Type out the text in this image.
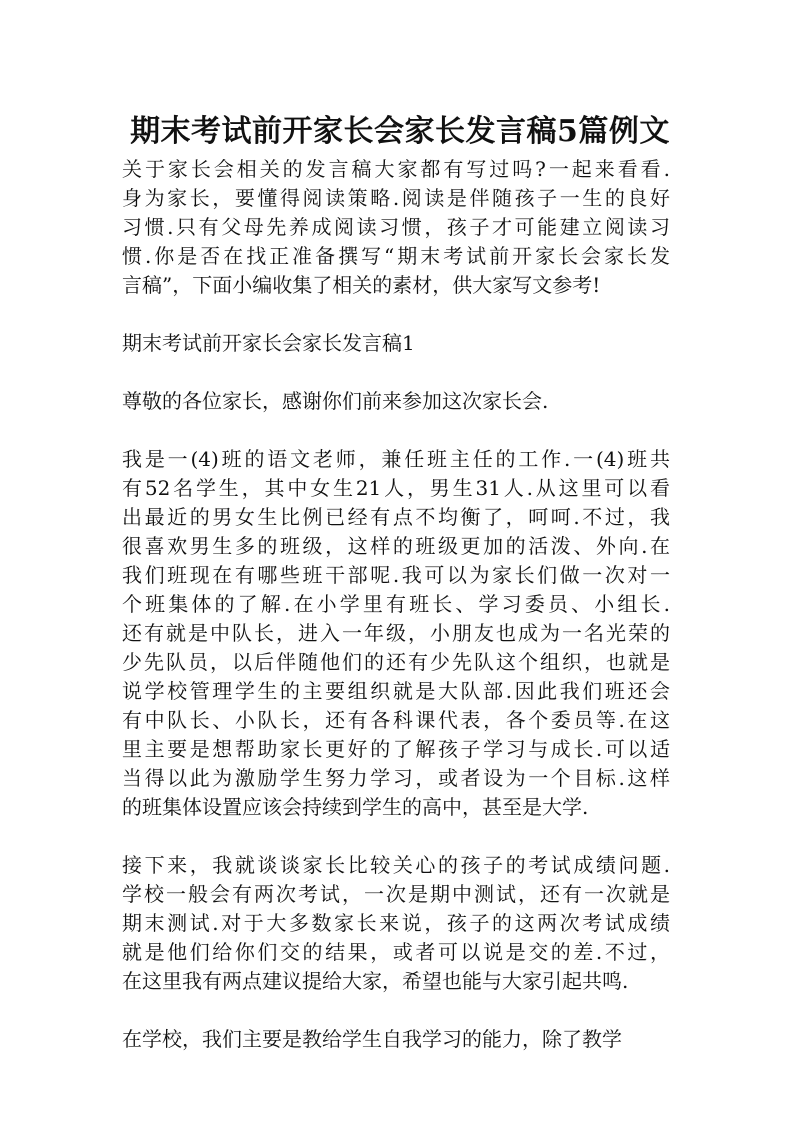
期末考试前开家长会家长发言稿5篇例文
关于家长会相关的发言稿大家都有写过吗?一起来看看.
身为家长，要懂得阅读策略.阅读是伴随孩子一生的良好
习惯.只有父母先养成阅读习惯，孩子才可能建立阅读习
惯.你是否在找正准备撰写“期末考试前开家长会家长发
言稿”，下面小编收集了相关的素材，供大家写文参考!
期末考试前开家长会家长发言稿1
尊敬的各位家长，感谢你们前来参加这次家长会.
我是一(4)班的语文老师，兼任班主任的工作.一(4)班共
有52名学生，其中女生21人，男生31人.从这里可以看
出最近的男女生比例已经有点不均衡了，呵呵.不过，我
很喜欢男生多的班级，这样的班级更加的活泼、外向.在
我们班现在有哪些班干部呢.我可以为家长们做一次对一
个班集体的了解.在小学里有班长、学习委员、小组长.
还有就是中队长，进入一年级，小朋友也成为一名光荣的
少先队员，以后伴随他们的还有少先队这个组织，也就是
说学校管理学生的主要组织就是大队部.因此我们班还会
有中队长、小队长，还有各科课代表，各个委员等.在这
里主要是想帮助家长更好的了解孩子学习与成长.可以适
当得以此为激励学生努力学习，或者设为一个目标.这样
的班集体设置应该会持续到学生的高中，甚至是大学.
接下来，我就谈谈家长比较关心的孩子的考试成绩问题.
学校一般会有两次考试，一次是期中测试，还有一次就是
期末测试.对于大多数家长来说，孩子的这两次考试成绩
就是他们给你们交的结果，或者可以说是交的差.不过，
在这里我有两点建议提给大家，希望也能与大家引起共鸣.
在学校，我们主要是教给学生自我学习的能力，除了教学
